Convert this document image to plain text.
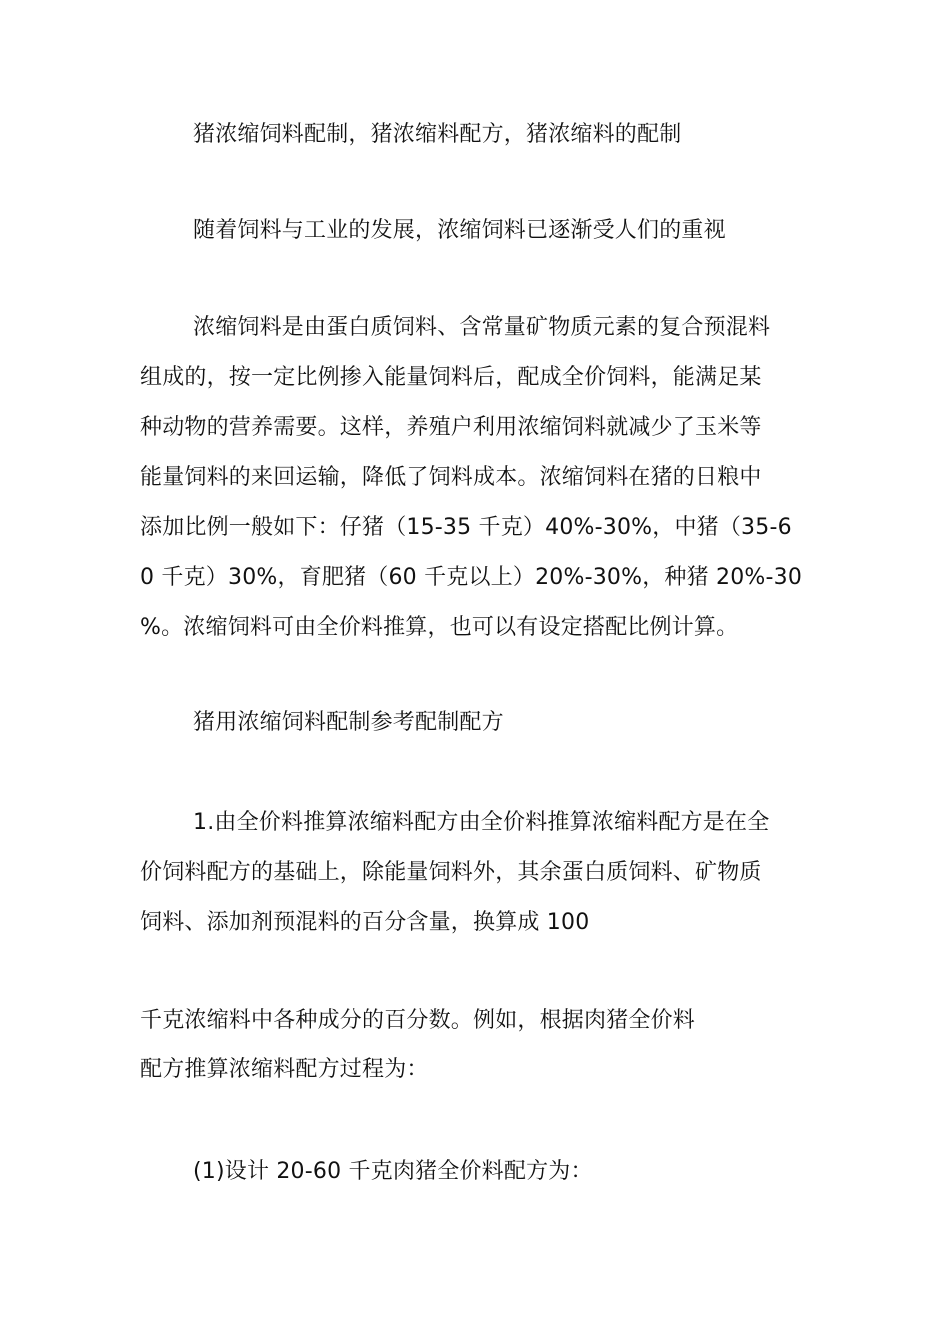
猪浓缩饲料配制，猪浓缩料配方，猪浓缩料的配制
随着饲料与工业的发展，浓缩饲料已逐渐受人们的重视
浓缩饲料是由蛋白质饲料、含常量矿物质元素的复合预混料
组成的，按一定比例掺入能量饲料后，配成全价饲料，能满足某
种动物的营养需要。这样，养殖户利用浓缩饲料就减少了玉米等
能量饲料的来回运输，降低了饲料成本。浓缩饲料在猪的日粮中
添加比例一般如下：仔猪（15-35 千克）40%-30%，中猪（35-6
0 千克）30%，育肥猪（60 千克以上）20%-30%，种猪 20%-30
%。浓缩饲料可由全价料推算，也可以有设定搭配比例计算。
猪用浓缩饲料配制参考配制配方
1.由全价料推算浓缩料配方由全价料推算浓缩料配方是在全
价饲料配方的基础上，除能量饲料外，其余蛋白质饲料、矿物质
饲料、添加剂预混料的百分含量，换算成 100
千克浓缩料中各种成分的百分数。例如，根据肉猪全价料
配方推算浓缩料配方过程为：
(1)设计 20-60 千克肉猪全价料配方为：
